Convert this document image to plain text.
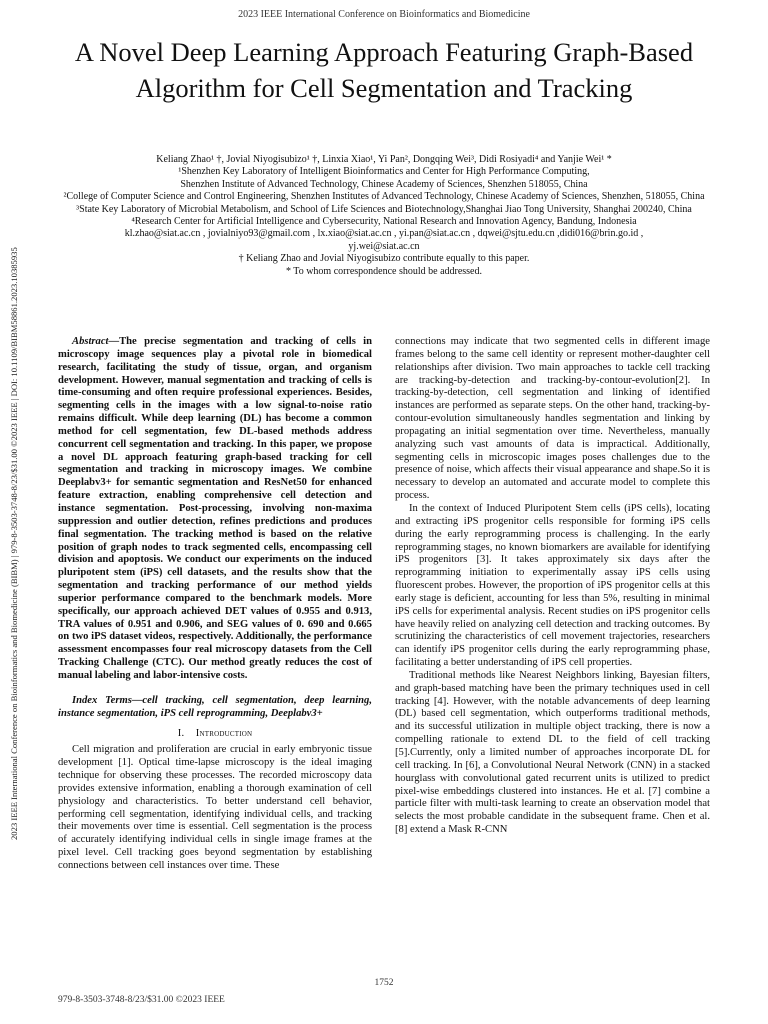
2023 IEEE International Conference on Bioinformatics and Biomedicine
A Novel Deep Learning Approach Featuring Graph-Based Algorithm for Cell Segmentation and Tracking
Keliang Zhao¹ †, Jovial Niyogisubizo¹ †, Linxia Xiao¹, Yi Pan², Dongqing Wei³, Didi Rosiyadi⁴ and Yanjie Wei¹ *
¹Shenzhen Key Laboratory of Intelligent Bioinformatics and Center for High Performance Computing,
Shenzhen Institute of Advanced Technology, Chinese Academy of Sciences, Shenzhen 518055, China
²College of Computer Science and Control Engineering, Shenzhen Institutes of Advanced Technology, Chinese Academy of Sciences, Shenzhen, 518055, China
³State Key Laboratory of Microbial Metabolism, and School of Life Sciences and Biotechnology,Shanghai Jiao Tong University, Shanghai 200240, China
⁴Research Center for Artificial Intelligence and Cybersecurity, National Research and Innovation Agency, Bandung, Indonesia
kl.zhao@siat.ac.cn , jovialniyo93@gmail.com , lx.xiao@siat.ac.cn , yi.pan@siat.ac.cn , dqwei@sjtu.edu.cn ,didi016@brin.go.id ,
yj.wei@siat.ac.cn
† Keliang Zhao and Jovial Niyogisubizo contribute equally to this paper.
* To whom correspondence should be addressed.
2023 IEEE International Conference on Bioinformatics and Biomedicine (BIBM) | 979-8-3503-3748-8/23/$31.00 ©2023 IEEE | DOI: 10.1109/BIBM58861.2023.10385935	Abstract—The precise segmentation and tracking of cells in microscopy image sequences play a pivotal role in biomedical research, facilitating the study of tissue, organ, and organism development. However, manual segmentation and tracking of cells is time-consuming and often require professional experiences. Besides, segmenting cells in the images with a low signal-to-noise ratio remains difficult. While deep learning (DL) has become a common method for cell segmentation, few DL-based methods address concurrent cell segmentation and tracking. In this paper, we propose a novel DL approach featuring graph-based tracking for cell segmentation and tracking in microscopy images. We combine Deeplabv3+ for semantic segmentation and ResNet50 for enhanced feature extraction, enabling comprehensive cell detection and instance segmentation. Post-processing, involving non-maxima suppression and outlier detection, refines predictions and produces final segmentation. The tracking method is based on the relative position of graph nodes to track segmented cells, encompassing cell division and apoptosis. We conduct our experiments on the induced pluripotent stem (iPS) cell datasets, and the results show that the segmentation and tracking performance of our method yields superior performance compared to the benchmark models. More specifically, our approach achieved DET values of 0.955 and 0.913, TRA values of 0.951 and 0.906, and SEG values of 0. 690 and 0.665 on two iPS dataset videos, respectively. Additionally, the performance assessment encompasses four real microscopy datasets from the Cell Tracking Challenge (CTC). Our method greatly reduces the cost of manual labeling and labor-intensive costs.

Index Terms—cell tracking, cell segmentation, deep learning, instance segmentation, iPS cell reprogramming, Deeplabv3+

I. Introduction

Cell migration and proliferation are crucial in early embryonic tissue development [1]. Optical time-lapse microscopy is the ideal imaging technique for observing these processes. The recorded microscopy data provides extensive information, enabling a thorough examination of cell physiology and characteristics. To better understand cell behavior, performing cell segmentation, identifying individual cells, and tracking their movements over time is essential. Cell segmentation is the process of accurately identifying individual cells in single image frames at the pixel level. Cell tracking goes beyond segmentation by establishing connections between cell instances over time. These

connections may indicate that two segmented cells in different image frames belong to the same cell identity or represent mother-daughter cell relationships after division. Two main approaches to tackle cell tracking are tracking-by-detection and tracking-by-contour-evolution[2]. In tracking-by-detection, cell segmentation and linking of identified instances are performed as separate steps. On the other hand, tracking-by-contour-evolution simultaneously handles segmentation and linking by propagating an initial segmentation over time. Nevertheless, manually analyzing such vast amounts of data is impractical. Additionally, segmenting cells in microscopic images poses challenges due to the presence of noise, which affects their visual appearance and shape.So it is necessary to develop an automated and accurate model to complete this process.

In the context of Induced Pluripotent Stem cells (iPS cells), locating and extracting iPS progenitor cells responsible for forming iPS cells during the early reprogramming process is challenging. In the early reprogramming stages, no known biomarkers are available for identifying iPS progenitors [3]. It takes approximately six days after the reprogramming initiation to experimentally assay iPS cells using fluorescent probes. However, the proportion of iPS progenitor cells at this early stage is deficient, accounting for less than 5%, resulting in minimal iPS cells for experimental analysis. Recent studies on iPS progenitor cells have heavily relied on analyzing cell detection and tracking outcomes. By scrutinizing the characteristics of cell movement trajectories, researchers can identify iPS progenitor cells during the early reprogramming phase, facilitating a better understanding of iPS cell properties.

Traditional methods like Nearest Neighbors linking, Bayesian filters, and graph-based matching have been the primary techniques used in cell tracking [4]. However, with the notable advancements of deep learning (DL) based cell segmentation, which outperforms traditional methods, and its successful utilization in multiple object tracking, there is now a compelling rationale to extend DL to the field of cell tracking [5].Currently, only a limited number of approaches incorporate DL for cell tracking. In [6], a Convolutional Neural Network (CNN) in a stacked hourglass with convolutional gated recurrent units is utilized to predict pixel-wise embeddings clustered into instances. He et al. [7] combine a particle filter with multi-task learning to create an observation model that selects the most probable candidate in the subsequent frame. Chen et al. [8] extend a Mask R-CNN

1752
979-8-3503-3748-8/23/$31.00 ©2023 IEEE
